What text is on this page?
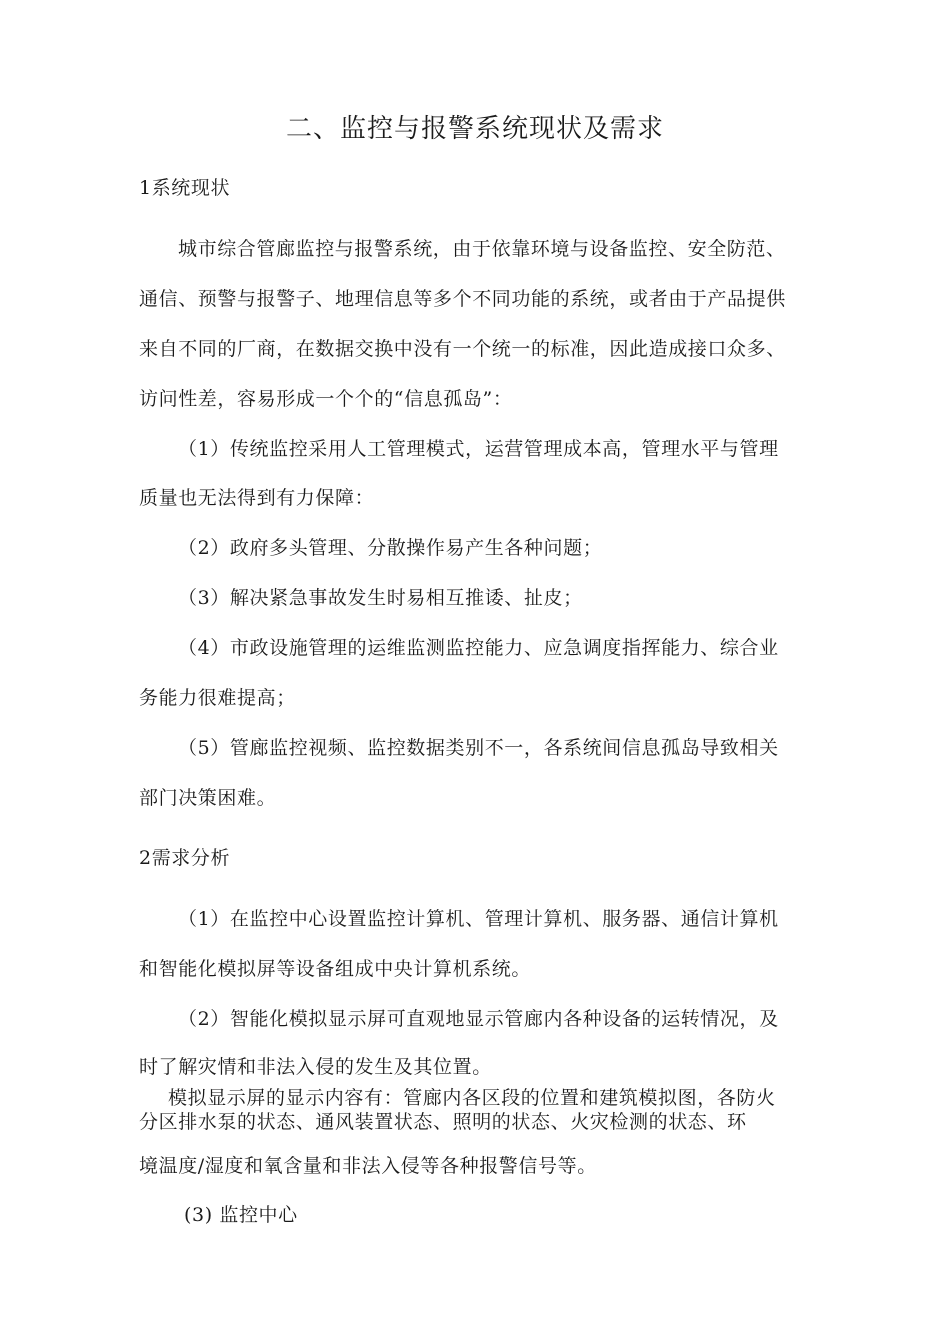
二、监控与报警系统现状及需求
1系统现状
城市综合管廊监控与报警系统，由于依靠环境与设备监控、安全防范、
通信、预警与报警子、地理信息等多个不同功能的系统，或者由于产品提供
来自不同的厂商，在数据交换中没有一个统一的标准，因此造成接口众多、
访问性差，容易形成一个个的“信息孤岛”：
（1）传统监控采用人工管理模式，运营管理成本高，管理水平与管理
质量也无法得到有力保障：
（2）政府多头管理、分散操作易产生各种问题；
（3）解决紧急事故发生时易相互推诿、扯皮；
（4）市政设施管理的运维监测监控能力、应急调度指挥能力、综合业
务能力很难提高；
（5）管廊监控视频、监控数据类别不一，各系统间信息孤岛导致相关
部门决策困难。
2需求分析
（1）在监控中心设置监控计算机、管理计算机、服务器、通信计算机
和智能化模拟屏等设备组成中央计算机系统。
（2）智能化模拟显示屏可直观地显示管廊内各种设备的运转情况，及
时了解灾情和非法入侵的发生及其位置。
模拟显示屏的显示内容有：管廊内各区段的位置和建筑模拟图，各防火
分区排水泵的状态、通风装置状态、照明的状态、火灾检测的状态、环
境温度/湿度和氧含量和非法入侵等各种报警信号等。
(3) 监控中心
